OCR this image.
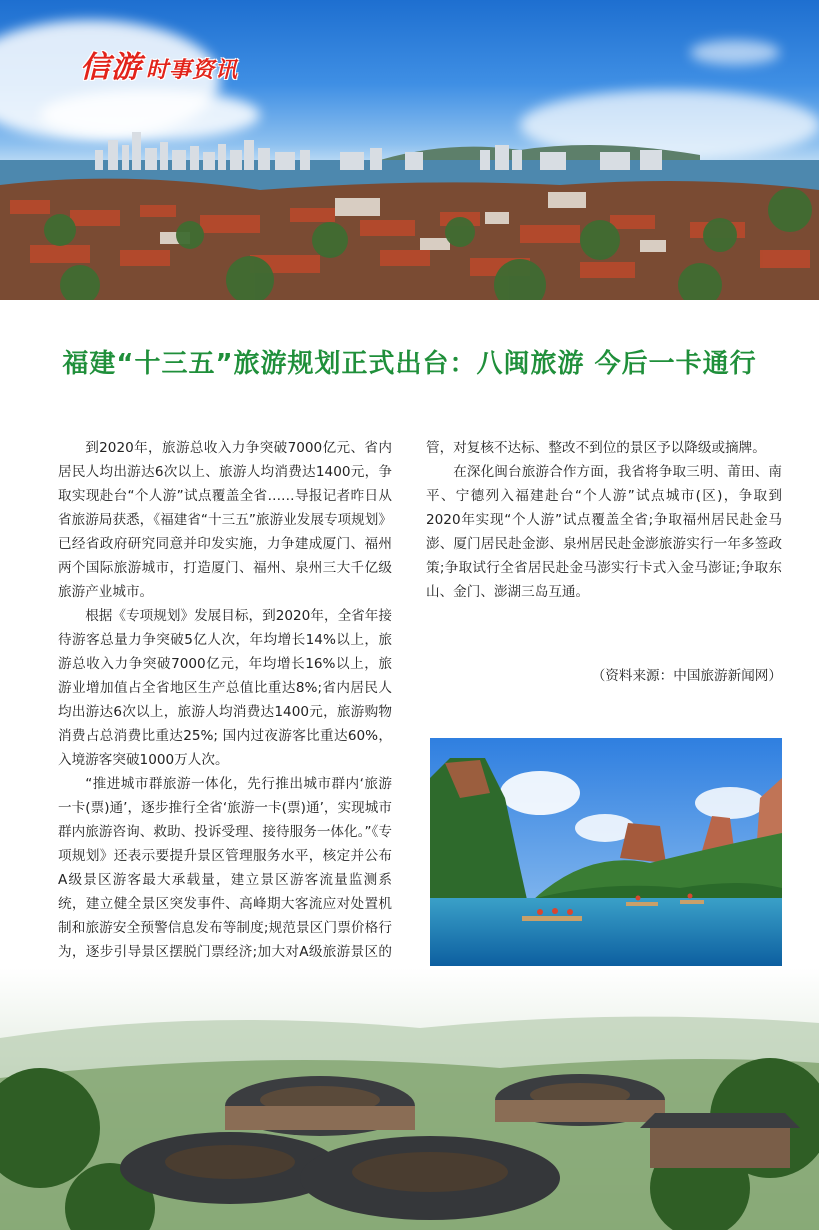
信游 时事资讯
福建“十三五”旅游规划正式出台：八闽旅游 今后一卡通行

到2020年，旅游总收入力争突破7000亿元、省内居民人均出游达6次以上、旅游人均消费达1400元，争取实现赴台“个人游”试点覆盖全省……导报记者昨日从省旅游局获悉，《福建省“十三五”旅游业发展专项规划》已经省政府研究同意并印发实施，力争建成厦门、福州两个国际旅游城市，打造厦门、福州、泉州三大千亿级旅游产业城市。

根据《专项规划》发展目标，到2020年，全省年接待游客总量力争突破5亿人次，年均增长14%以上，旅游总收入力争突破7000亿元，年均增长16%以上，旅游业增加值占全省地区生产总值比重达8%;省内居民人均出游达6次以上，旅游人均消费达1400元，旅游购物消费占总消费比重达25%; 国内过夜游客比重达60%，入境游客突破1000万人次。

“推进城市群旅游一体化，先行推出城市群内‘旅游一卡(票)通’，逐步推行全省‘旅游一卡(票)通’，实现城市群内旅游咨询、救助、投诉受理、接待服务一体化。”《专项规划》还表示要提升景区管理服务水平，核定并公布A级景区游客最大承载量，建立景区游客流量监测系统，建立健全景区突发事件、高峰期大客流应对处置机制和旅游安全预警信息发布等制度;规范景区门票价格行为，逐步引导景区摆脱门票经济;加大对A级旅游景区的

管，对复核不达标、整改不到位的景区予以降级或摘牌。

在深化闽台旅游合作方面，我省将争取三明、莆田、南平、宁德列入福建赴台“个人游”试点城市(区)，争取到2020年实现“个人游”试点覆盖全省;争取福州居民赴金马澎、厦门居民赴金澎、泉州居民赴金澎旅游实行一年多签政策;争取试行全省居民赴金马澎实行卡式入金马澎证;争取东山、金门、澎湖三岛互通。

（资料来源：中国旅游新闻网）
